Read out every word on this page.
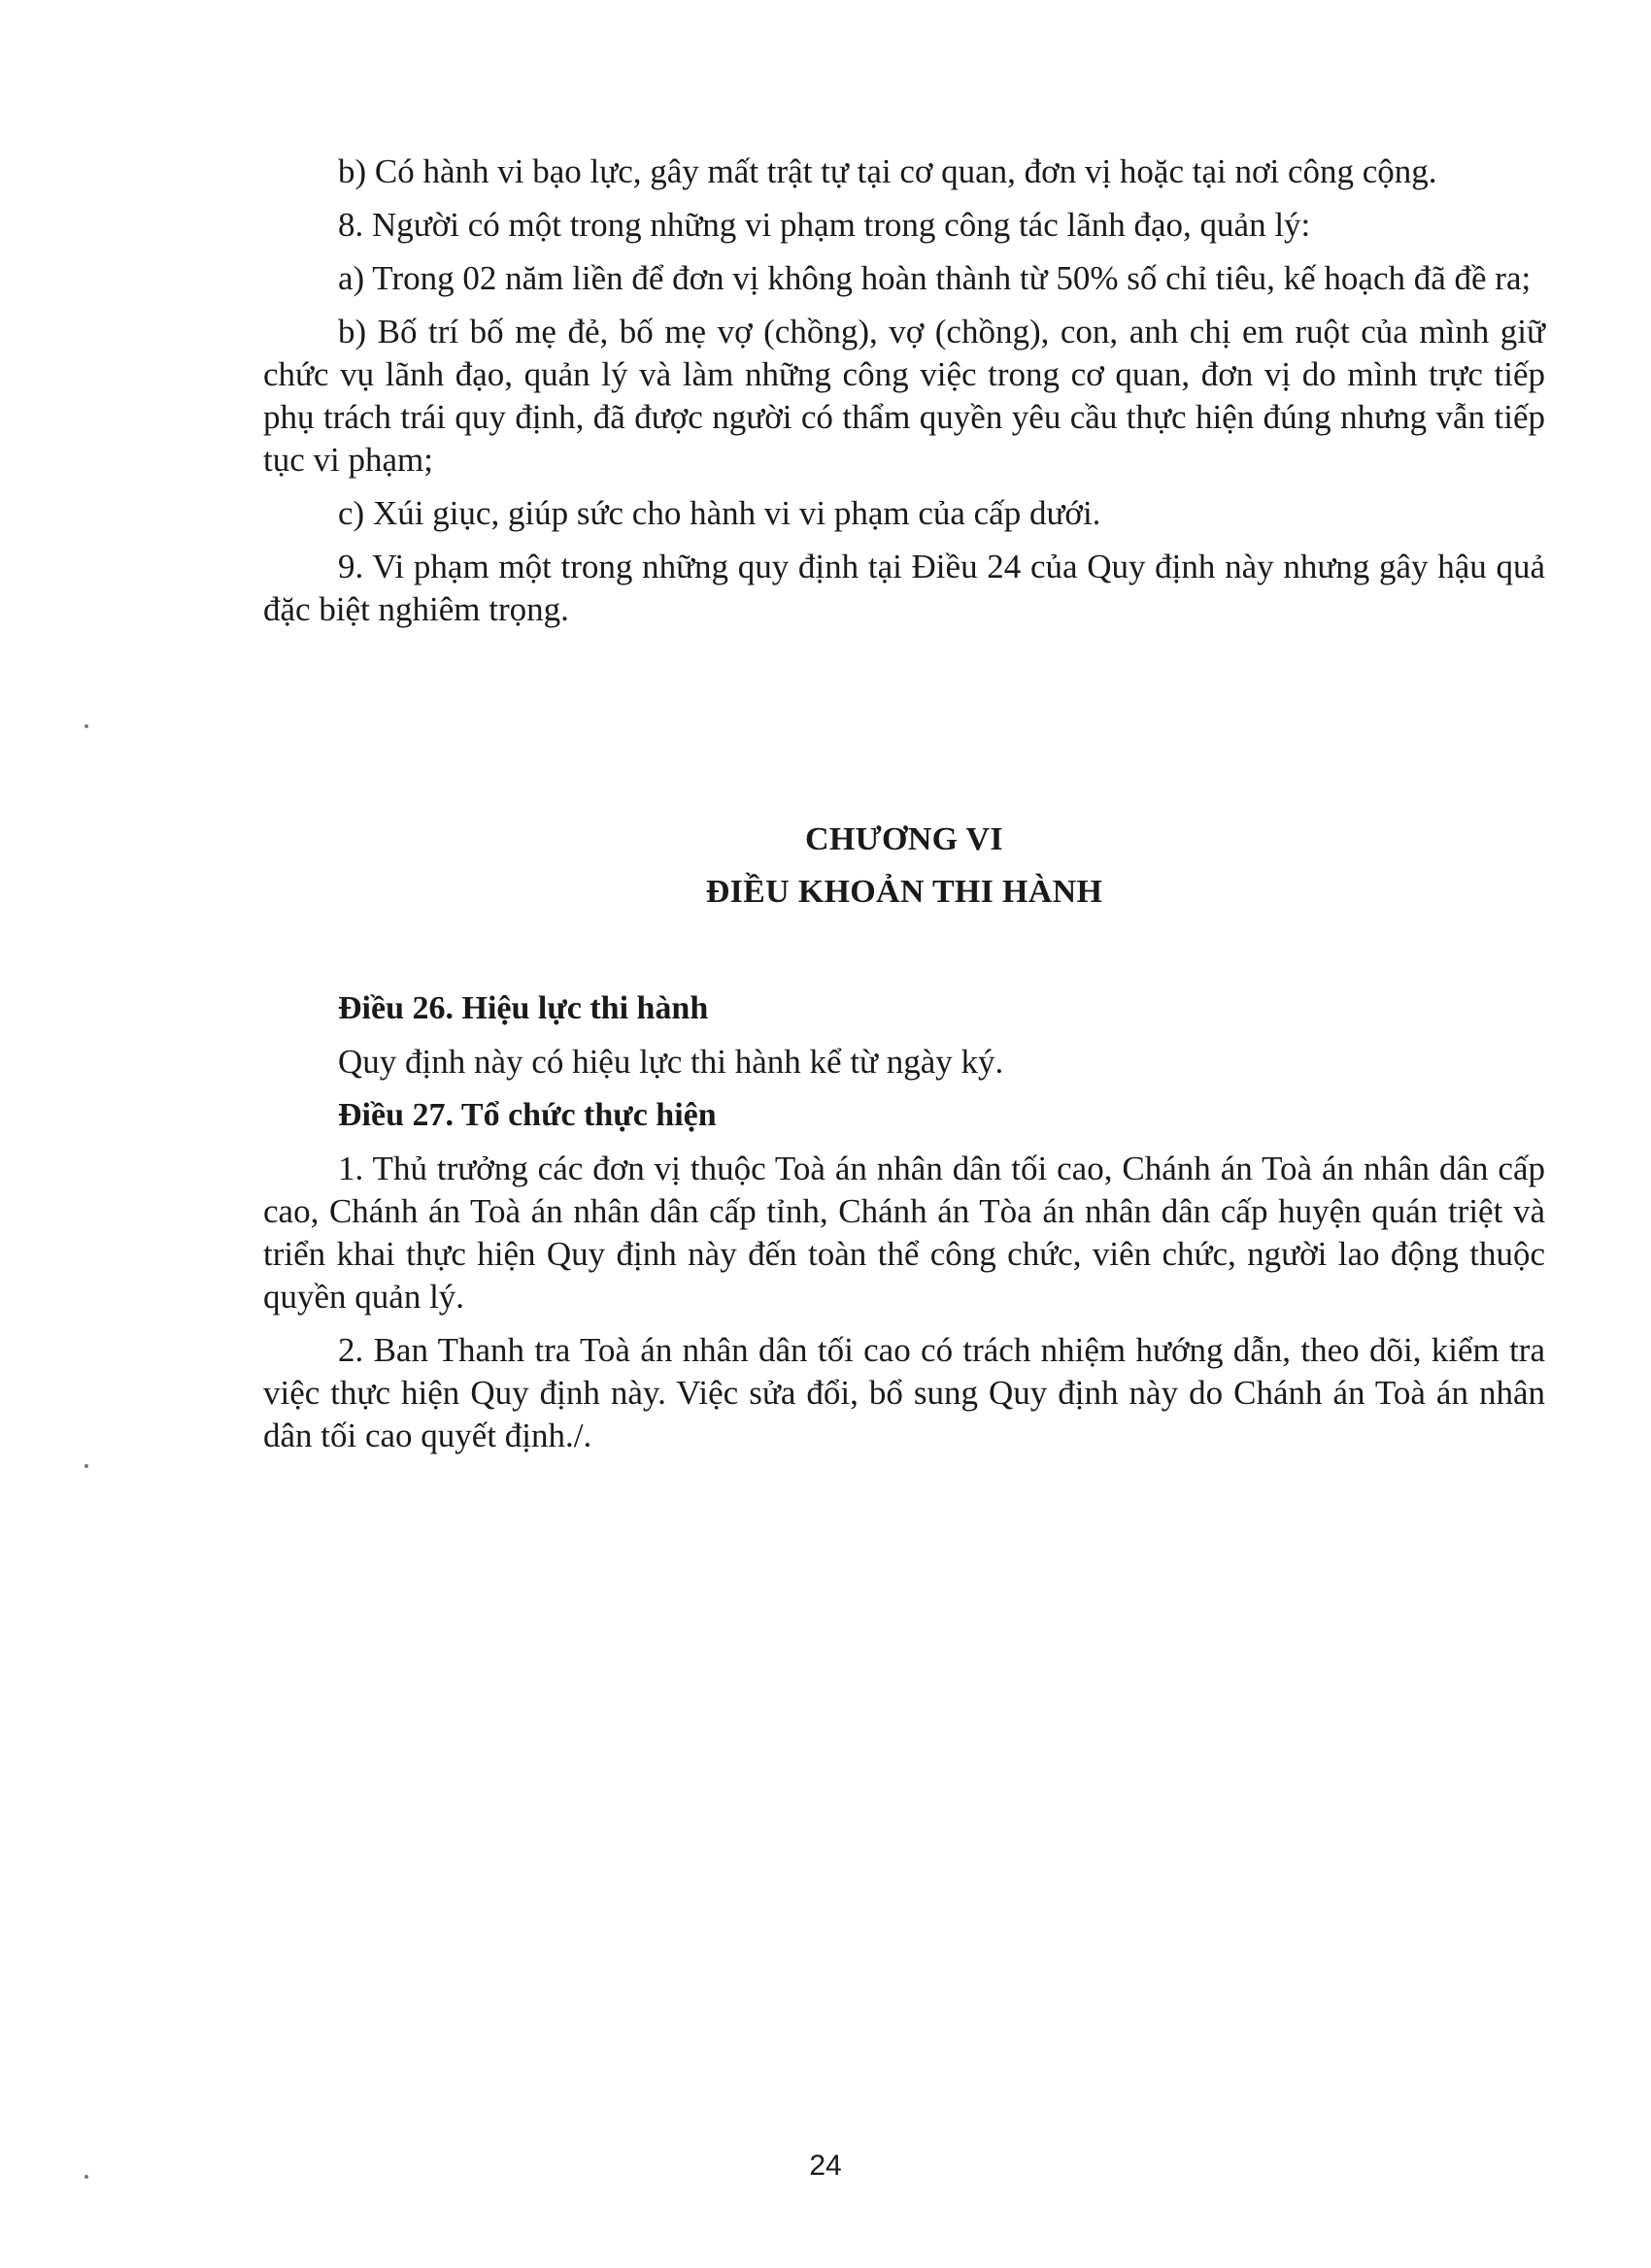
b) Có hành vi bạo lực, gây mất trật tự tại cơ quan, đơn vị hoặc tại nơi công cộng.

8. Người có một trong những vi phạm trong công tác lãnh đạo, quản lý:

a) Trong 02 năm liền để đơn vị không hoàn thành từ 50% số chỉ tiêu, kế hoạch đã đề ra;

b) Bố trí bố mẹ đẻ, bố mẹ vợ (chồng), vợ (chồng), con, anh chị em ruột của mình giữ chức vụ lãnh đạo, quản lý và làm những công việc trong cơ quan, đơn vị do mình trực tiếp phụ trách trái quy định, đã được người có thẩm quyền yêu cầu thực hiện đúng nhưng vẫn tiếp tục vi phạm;

c) Xúi giục, giúp sức cho hành vi vi phạm của cấp dưới.

9. Vi phạm một trong những quy định tại Điều 24 của Quy định này nhưng gây hậu quả đặc biệt nghiêm trọng.

CHƯƠNG VI

ĐIỀU KHOẢN THI HÀNH

Điều 26. Hiệu lực thi hành

Quy định này có hiệu lực thi hành kể từ ngày ký.

Điều 27. Tổ chức thực hiện

1. Thủ trưởng các đơn vị thuộc Toà án nhân dân tối cao, Chánh án Toà án nhân dân cấp cao, Chánh án Toà án nhân dân cấp tỉnh, Chánh án Tòa án nhân dân cấp huyện quán triệt và triển khai thực hiện Quy định này đến toàn thể công chức, viên chức, người lao động thuộc quyền quản lý.

2. Ban Thanh tra Toà án nhân dân tối cao có trách nhiệm hướng dẫn, theo dõi, kiểm tra việc thực hiện Quy định này. Việc sửa đổi, bổ sung Quy định này do Chánh án Toà án nhân dân tối cao quyết định./.

24
